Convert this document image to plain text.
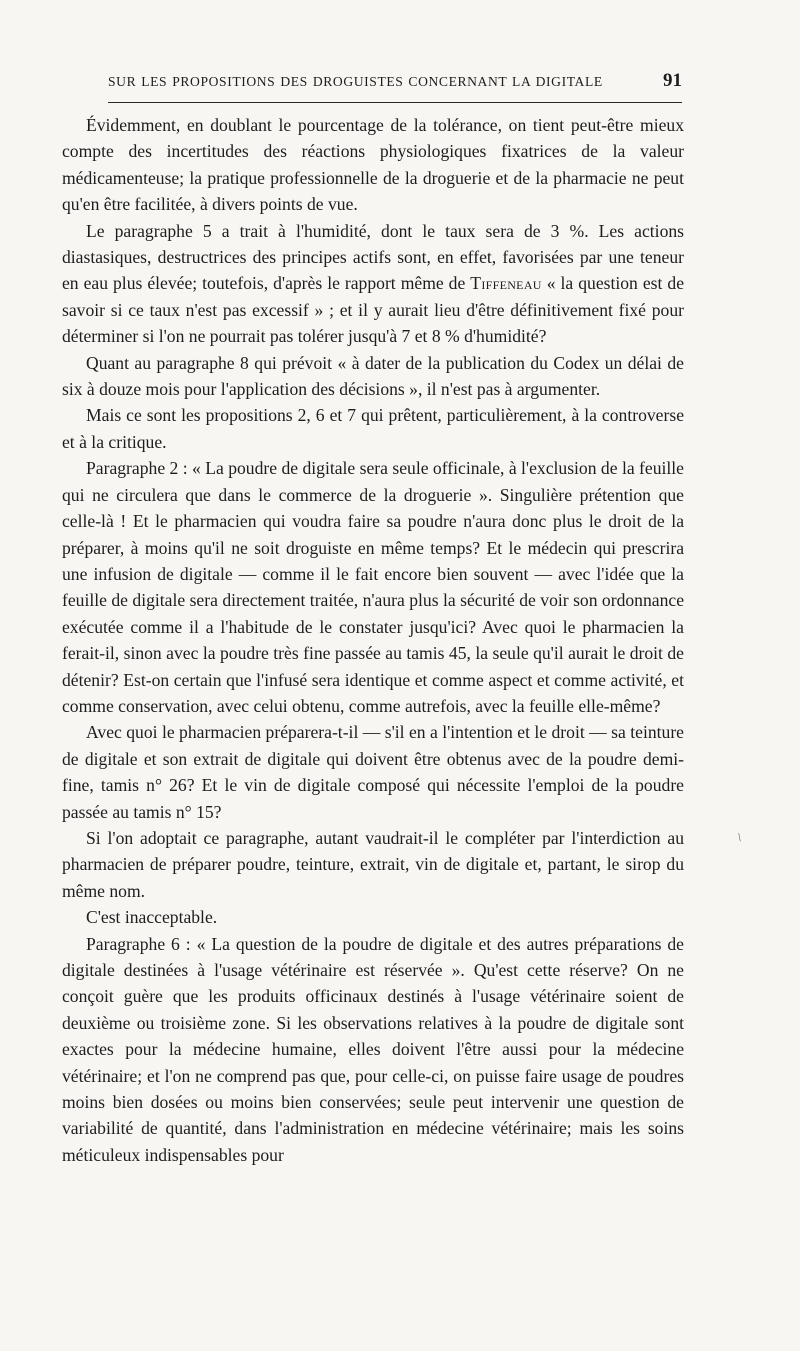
SUR LES PROPOSITIONS DES DROGUISTES CONCERNANT LA DIGITALE	91

Évidemment, en doublant le pourcentage de la tolérance, on tient peut-être mieux compte des incertitudes des réactions physiologiques fixatrices de la valeur médicamenteuse; la pratique professionnelle de la droguerie et de la pharmacie ne peut qu'en être facilitée, à divers points de vue.

Le paragraphe 5 a trait à l'humidité, dont le taux sera de 3 %. Les actions diastasiques, destructrices des principes actifs sont, en effet, favorisées par une teneur en eau plus élevée; toutefois, d'après le rapport même de Tiffeneau « la question est de savoir si ce taux n'est pas excessif » ; et il y aurait lieu d'être définitivement fixé pour déterminer si l'on ne pourrait pas tolérer jusqu'à 7 et 8 % d'humidité?

Quant au paragraphe 8 qui prévoit « à dater de la publication du Codex un délai de six à douze mois pour l'application des décisions », il n'est pas à argumenter.

Mais ce sont les propositions 2, 6 et 7 qui prêtent, particulièrement, à la controverse et à la critique.

Paragraphe 2 : « La poudre de digitale sera seule officinale, à l'exclusion de la feuille qui ne circulera que dans le commerce de la droguerie ». Singulière prétention que celle-là ! Et le pharmacien qui voudra faire sa poudre n'aura donc plus le droit de la préparer, à moins qu'il ne soit droguiste en même temps? Et le médecin qui prescrira une infusion de digitale — comme il le fait encore bien souvent — avec l'idée que la feuille de digitale sera directement traitée, n'aura plus la sécurité de voir son ordonnance exécutée comme il a l'habitude de le constater jusqu'ici? Avec quoi le pharmacien la ferait-il, sinon avec la poudre très fine passée au tamis 45, la seule qu'il aurait le droit de détenir? Est-on certain que l'infusé sera identique et comme aspect et comme activité, et comme conservation, avec celui obtenu, comme autrefois, avec la feuille elle-même?

Avec quoi le pharmacien préparera-t-il — s'il en a l'intention et le droit — sa teinture de digitale et son extrait de digitale qui doivent être obtenus avec de la poudre demi-fine, tamis n° 26? Et le vin de digitale composé qui nécessite l'emploi de la poudre passée au tamis n° 15?

Si l'on adoptait ce paragraphe, autant vaudrait-il le compléter par l'interdiction au pharmacien de préparer poudre, teinture, extrait, vin de digitale et, partant, le sirop du même nom.

C'est inacceptable.

Paragraphe 6 : « La question de la poudre de digitale et des autres préparations de digitale destinées à l'usage vétérinaire est réservée ». Qu'est cette réserve? On ne conçoit guère que les produits officinaux destinés à l'usage vétérinaire soient de deuxième ou troisième zone. Si les observations relatives à la poudre de digitale sont exactes pour la médecine humaine, elles doivent l'être aussi pour la médecine vétérinaire; et l'on ne comprend pas que, pour celle-ci, on puisse faire usage de poudres moins bien dosées ou moins bien conservées; seule peut intervenir une question de variabilité de quantité, dans l'administration en médecine vétérinaire; mais les soins méticuleux indispensables pour

/
